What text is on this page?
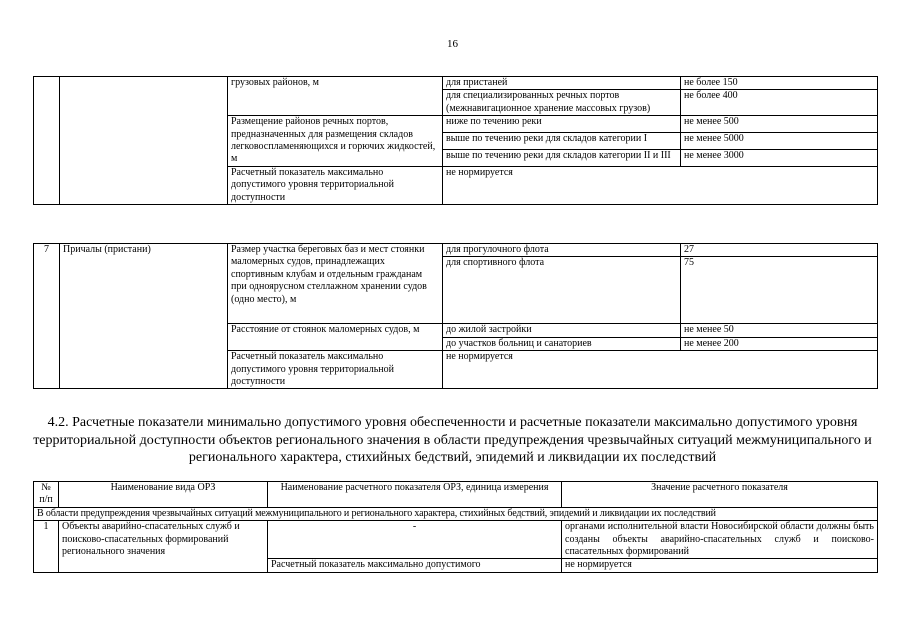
16
		грузовых районов, м	для пристаней	не более 150
			для специализированных речных портов (межнавигационное хранение массовых грузов)	не более 400
		Размещение районов речных портов, предназначенных для размещения складов легковоспламеняющихся и горючих жидкостей, м	ниже по течению реки	не менее 500
			выше по течению реки для складов категории I	не менее 5000
			выше по течению реки для складов категории II и III	не менее 3000
		Расчетный показатель максимально допустимого уровня территориальной доступности	не нормируется	
7	Причалы (пристани)	Размер участка береговых баз и мест стоянки маломерных судов, принадлежащих спортивным клубам и отдельным гражданам при одноярусном стеллажном хранении судов (одно место), м	для прогулочного флота	27
			для спортивного флота	75
		Расстояние от стоянок маломерных судов, м	до жилой застройки	не менее 50
			до участков больниц и санаториев	не менее 200
		Расчетный показатель максимально допустимого уровня территориальной доступности	не нормируется	
4.2. Расчетные показатели минимально допустимого уровня обеспеченности и расчетные показатели максимально допустимого уровня территориальной доступности объектов регионального значения в области предупреждения чрезвычайных ситуаций межмуниципального и регионального характера, стихийных бедствий, эпидемий и ликвидации их последствий
№ п/п	Наименование вида ОРЗ	Наименование расчетного показателя ОРЗ, единица измерения	Значение расчетного показателя
В области предупреждения чрезвычайных ситуаций межмуниципального и регионального характера, стихийных бедствий, эпидемий и ликвидации их последствий			
1	Объекты аварийно-спасательных служб и поисково-спасательных формирований регионального значения	-	органами исполнительной власти Новосибирской области должны быть созданы объекты аварийно-спасательных служб и поисково-спасательных формирований
		Расчетный показатель максимально допустимого	не нормируется
